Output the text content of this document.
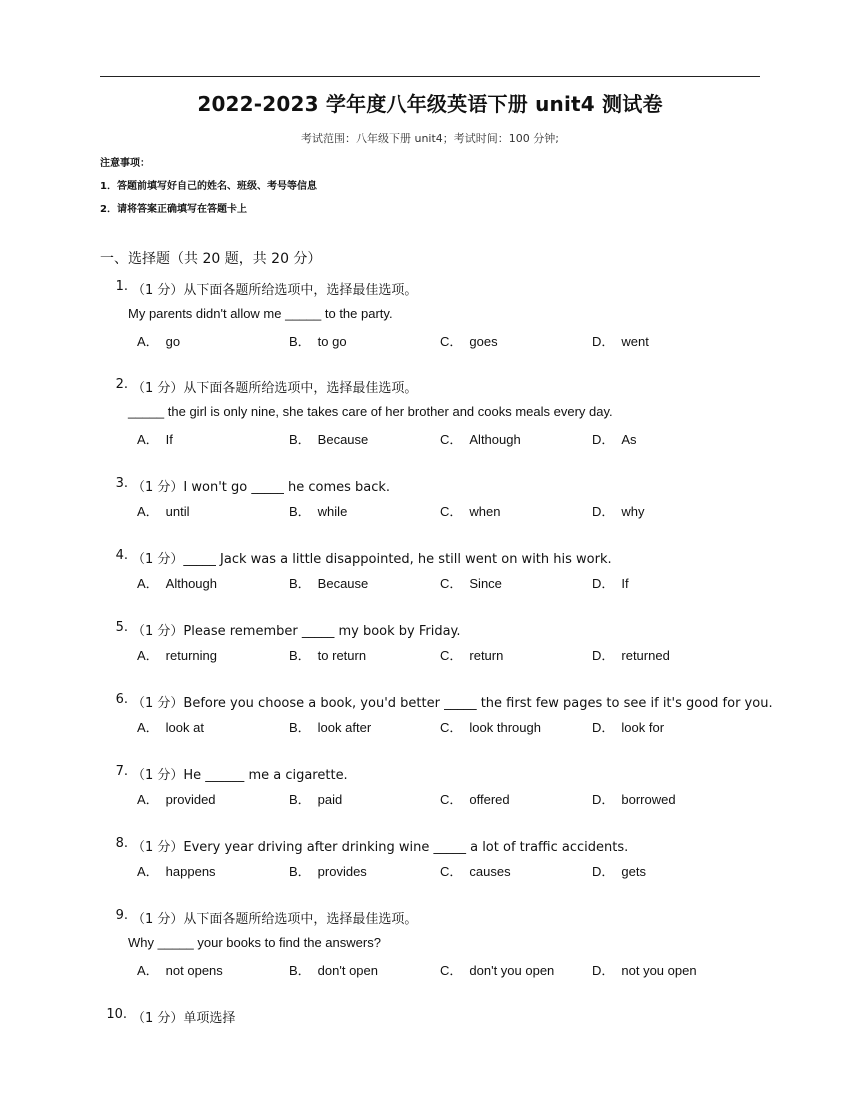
2022-2023 学年度八年级英语下册 unit4 测试卷
考试范围：八年级下册 unit4；考试时间：100 分钟;
注意事项：
1．答题前填写好自己的姓名、班级、考号等信息
2．请将答案正确填写在答题卡上
一、选择题（共 20 题，共 20 分）
1. （1 分）从下面各题所给选项中，选择最佳选项。
My parents didn't allow me _____ to the party.
A． go	B． to go	C． goes	D． went
2. （1 分）从下面各题所给选项中，选择最佳选项。
_____ the girl is only nine, she takes care of her brother and cooks meals every day.
A． If	B． Because	C． Although	D． As
3. （1 分）I won't go _____ he comes back.
A． until	B． while	C． when	D． why
4. （1 分）_____ Jack was a little disappointed, he still went on with his work.
A． Although	B． Because	C． Since	D． If
5. （1 分）Please remember _____ my book by Friday.
A． returning	B． to return	C． return	D． returned
6. （1 分）Before you choose a book, you'd better _____ the first few pages to see if it's good for you.
A． look at	B． look after	C． look through	D． look for
7. （1 分）He ______ me a cigarette.
A． provided	B． paid	C． offered	D． borrowed
8. （1 分）Every year driving after drinking wine _____ a lot of traffic accidents.
A． happens	B． provides	C． causes	D． gets
9. （1 分）从下面各题所给选项中，选择最佳选项。
Why _____ your books to find the answers?
A． not opens	B． don't open	C． don't you open	D． not you open
10. （1 分）单项选择
